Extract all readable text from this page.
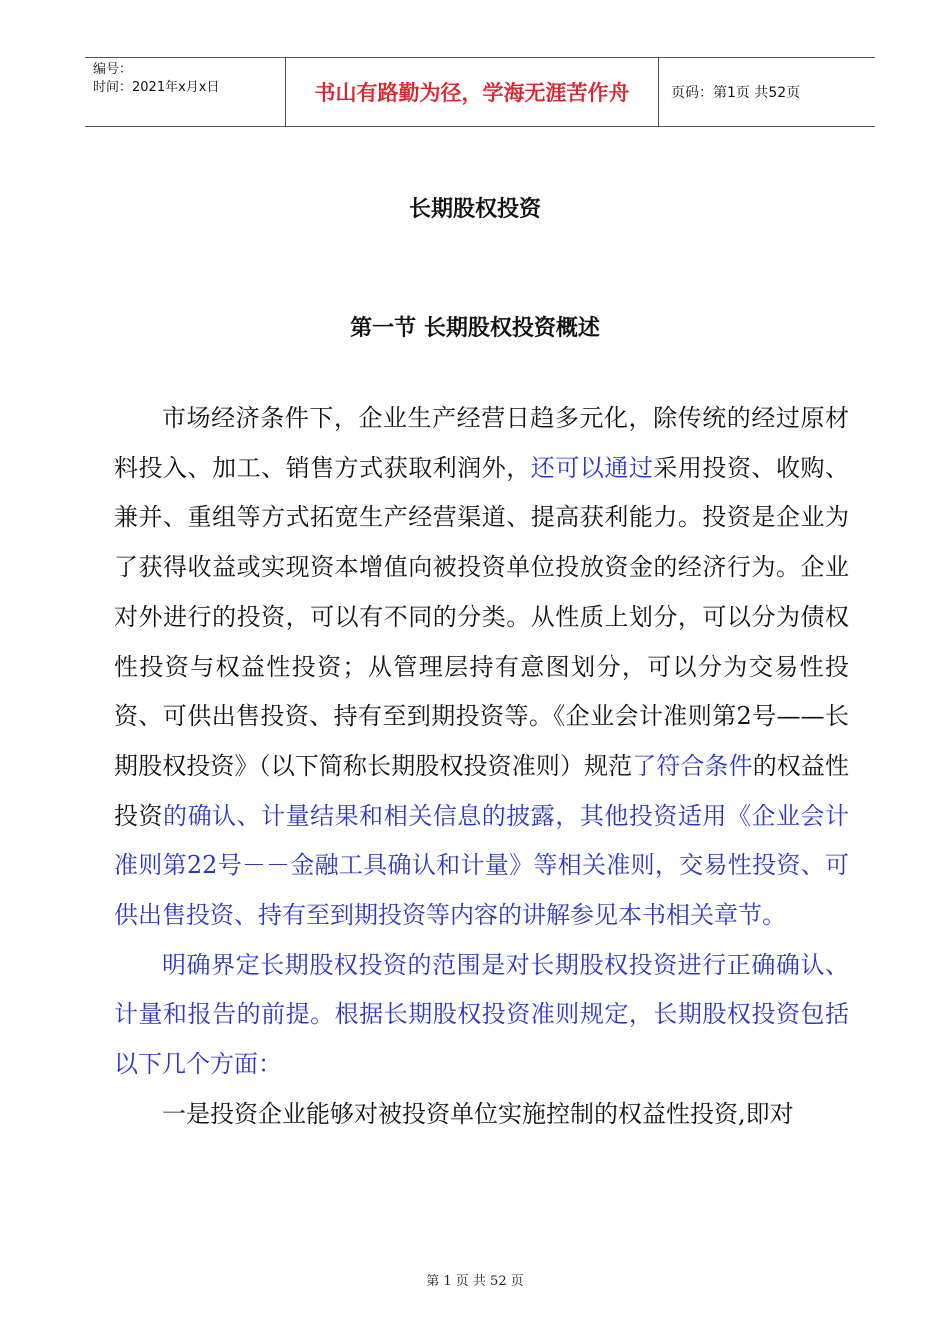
编号：
时间：2021年x月x日	书山有路勤为径，学海无涯苦作舟	页码：第1页 共52页
长期股权投资
第一节 长期股权投资概述

市场经济条件下，企业生产经营日趋多元化，除传统的经过原材料投入、加工、销售方式获取利润外，还可以通过采用投资、收购、兼并、重组等方式拓宽生产经营渠道、提高获利能力。投资是企业为了获得收益或实现资本增值向被投资单位投放资金的经济行为。企业对外进行的投资，可以有不同的分类。从性质上划分，可以分为债权性投资与权益性投资；从管理层持有意图划分，可以分为交易性投资、可供出售投资、持有至到期投资等。《企业会计准则第2号——长期股权投资》（以下简称长期股权投资准则）规范了符合条件的权益性投资的确认、计量结果和相关信息的披露，其他投资适用《企业会计准则第22号－－金融工具确认和计量》等相关准则，交易性投资、可供出售投资、持有至到期投资等内容的讲解参见本书相关章节。

明确界定长期股权投资的范围是对长期股权投资进行正确确认、计量和报告的前提。根据长期股权投资准则规定，长期股权投资包括以下几个方面：

一是投资企业能够对被投资单位实施控制的权益性投资,即对

第 1 页 共 52 页
